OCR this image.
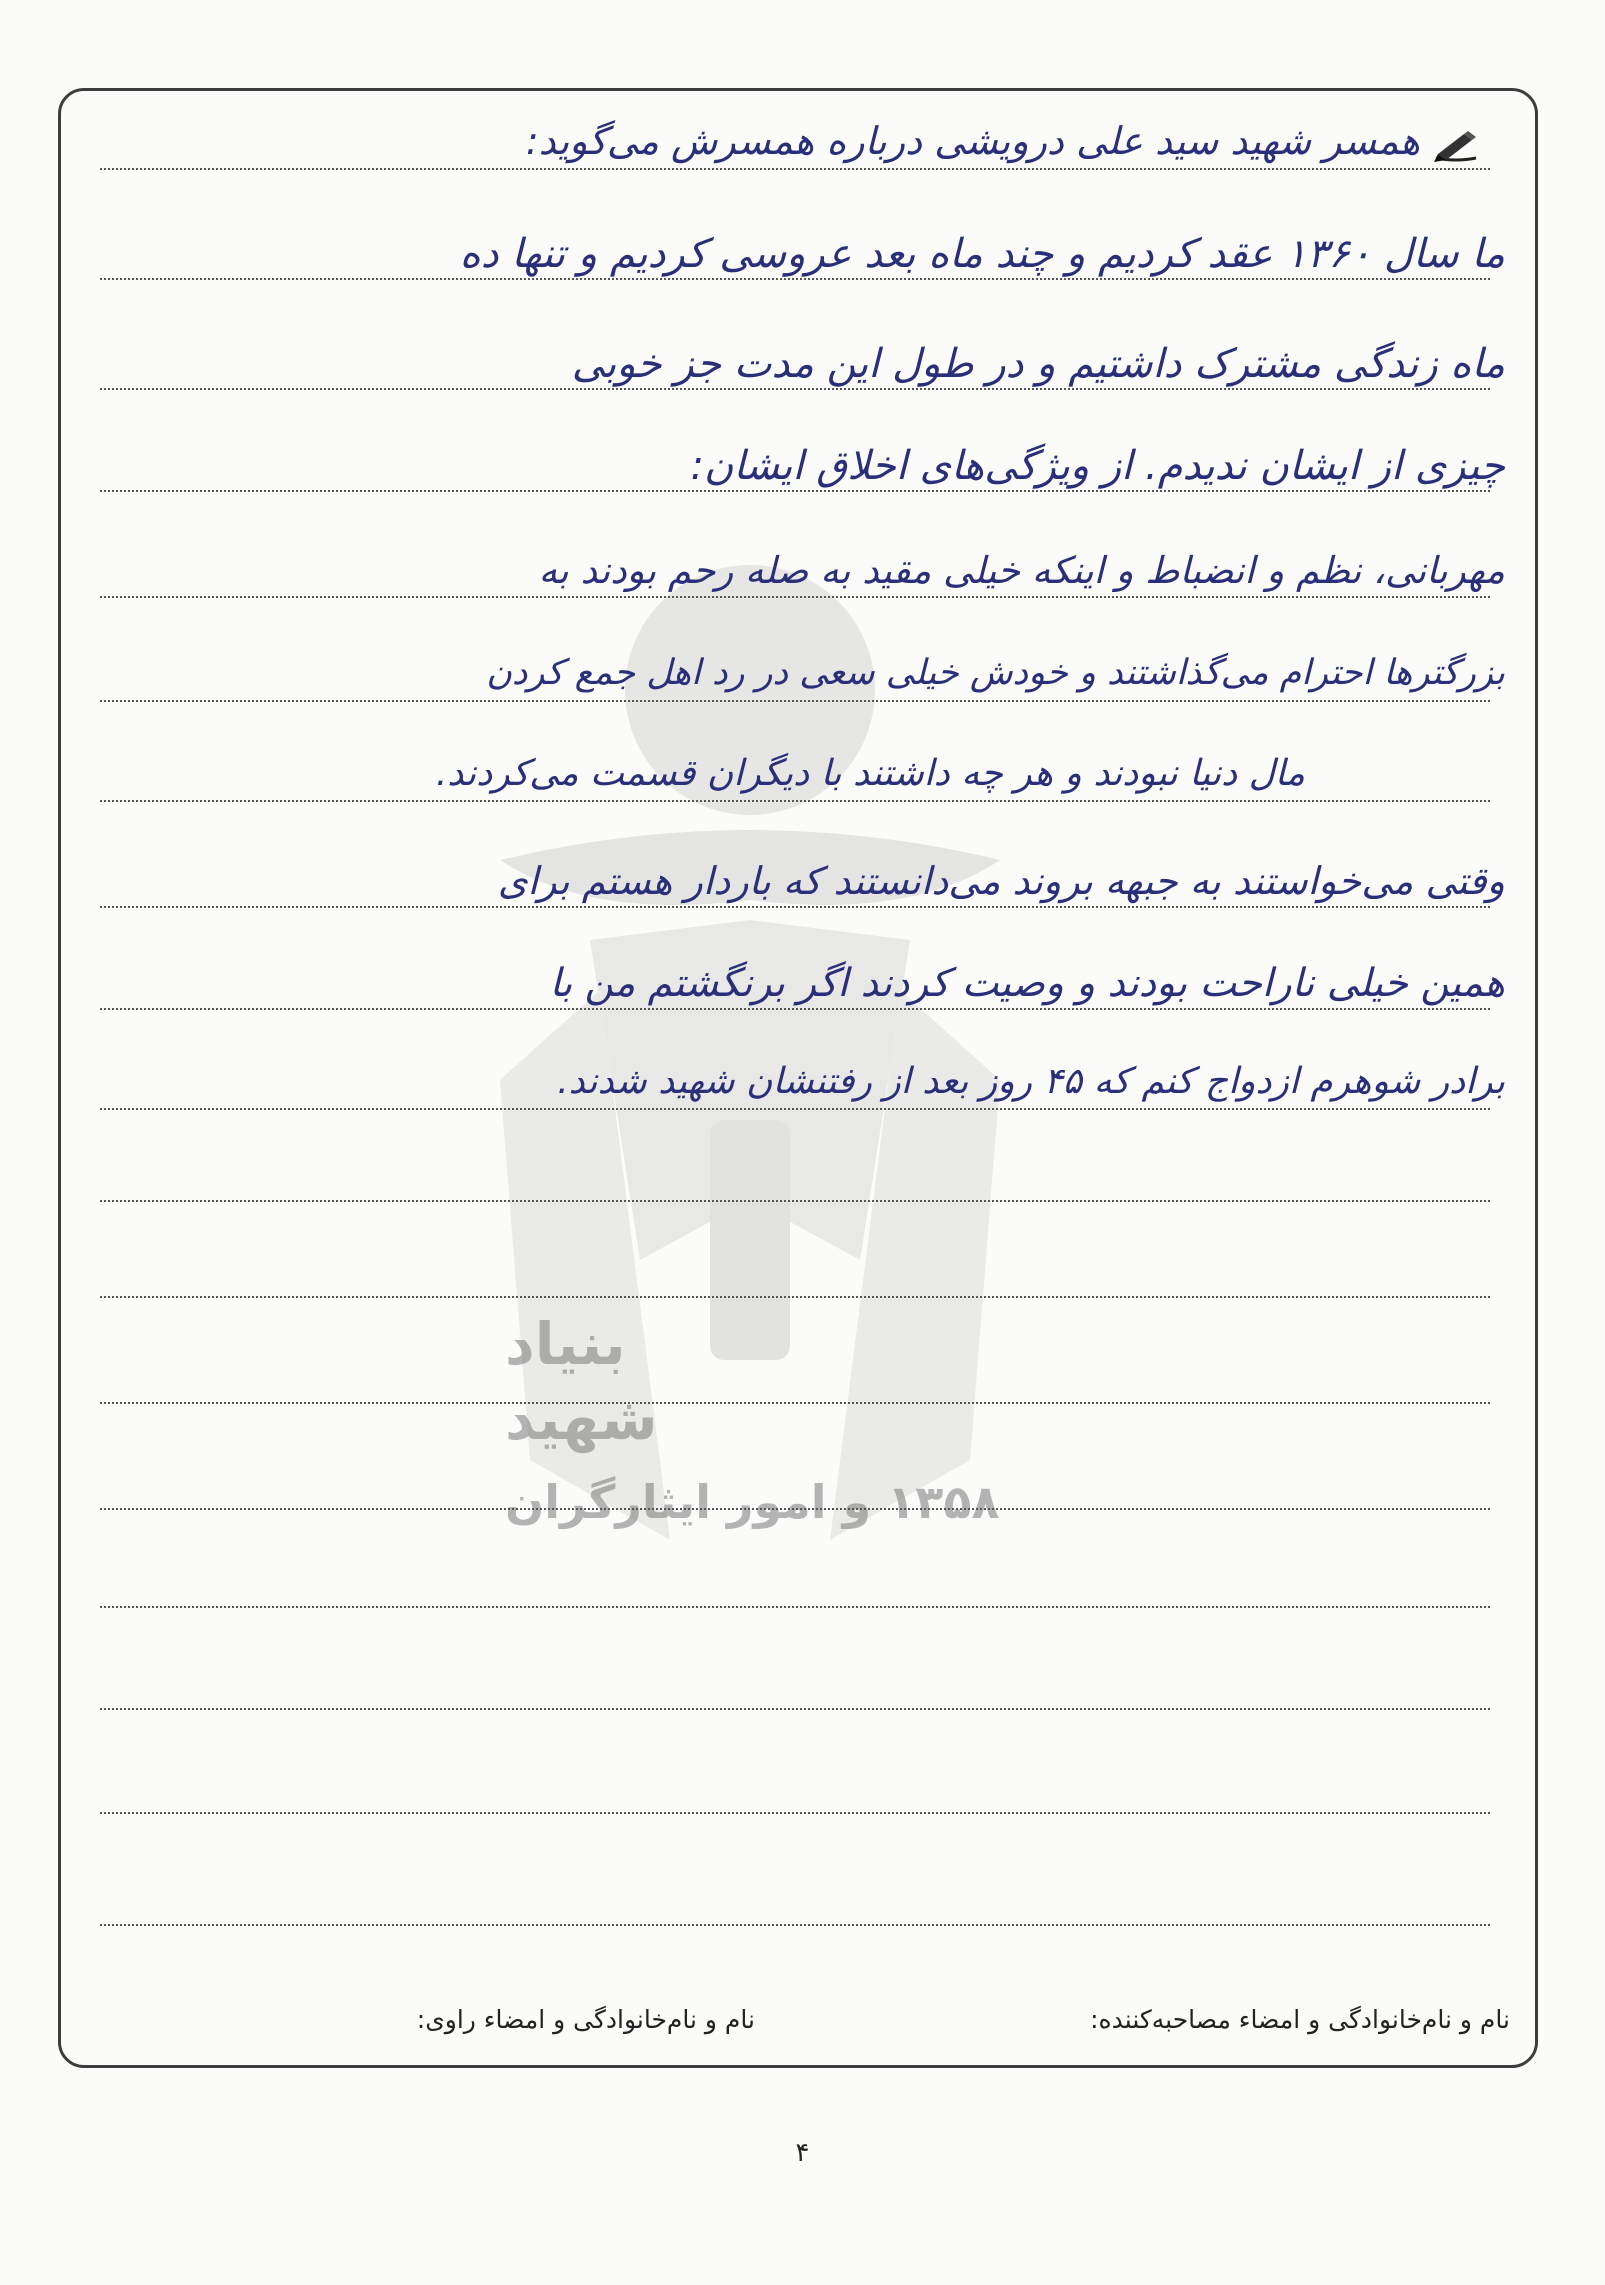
بنیاد
شهید
۱۳۵۸ و امور ایثارگران
همسر شهید سید علی درویشی درباره همسرش می‌گوید:
ما سال ۱۳۶۰ عقد کردیم و چند ماه بعد عروسی کردیم و تنها ده
ماه زندگی مشترک داشتیم و در طول این مدت جز خوبی
چیزی از ایشان ندیدم. از ویژگی‌های اخلاق ایشان:
مهربانی، نظم و انضباط و اینکه خیلی مقید به صله رحم بودند به
بزرگترها احترام می‌گذاشتند و خودش خیلی سعی در رد اهل جمع کردن
مال دنیا نبودند و هر چه داشتند با دیگران قسمت می‌کردند.
وقتی می‌خواستند به جبهه بروند می‌دانستند که باردار هستم برای
همین خیلی ناراحت بودند و وصیت کردند اگر برنگشتم من با
برادر شوهرم ازدواج کنم که ۴۵ روز بعد از رفتنشان شهید شدند.
نام و نام‌خانوادگی و امضاء مصاحبه‌کننده:
نام و نام‌خانوادگی و امضاء راوی:
۴
